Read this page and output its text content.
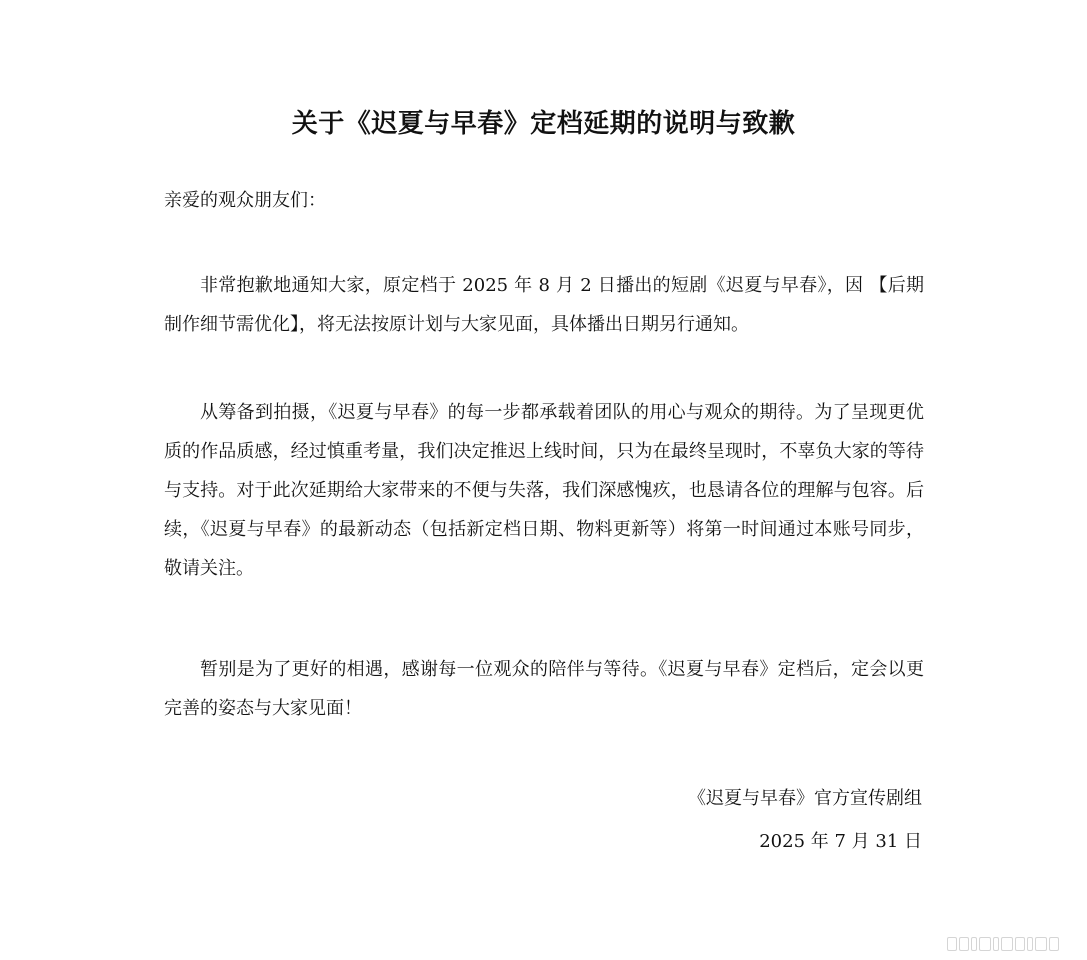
关于《迟夏与早春》定档延期的说明与致歉
亲爱的观众朋友们：

非常抱歉地通知大家，原定档于 2025 年 8 月 2 日播出的短剧《迟夏与早春》，因 【后期制作细节需优化】，将无法按原计划与大家见面，具体播出日期另行通知。

从筹备到拍摄，《迟夏与早春》的每一步都承载着团队的用心与观众的期待。为了呈现更优质的作品质感，经过慎重考量，我们决定推迟上线时间，只为在最终呈现时，不辜负大家的等待与支持。对于此次延期给大家带来的不便与失落，我们深感愧疚，也恳请各位的理解与包容。后续，《迟夏与早春》的最新动态（包括新定档日期、物料更新等）将第一时间通过本账号同步，敬请关注。

暂别是为了更好的相遇，感谢每一位观众的陪伴与等待。《迟夏与早春》定档后，定会以更完善的姿态与大家见面！

《迟夏与早春》官方宣传剧组
2025 年 7 月 31 日
